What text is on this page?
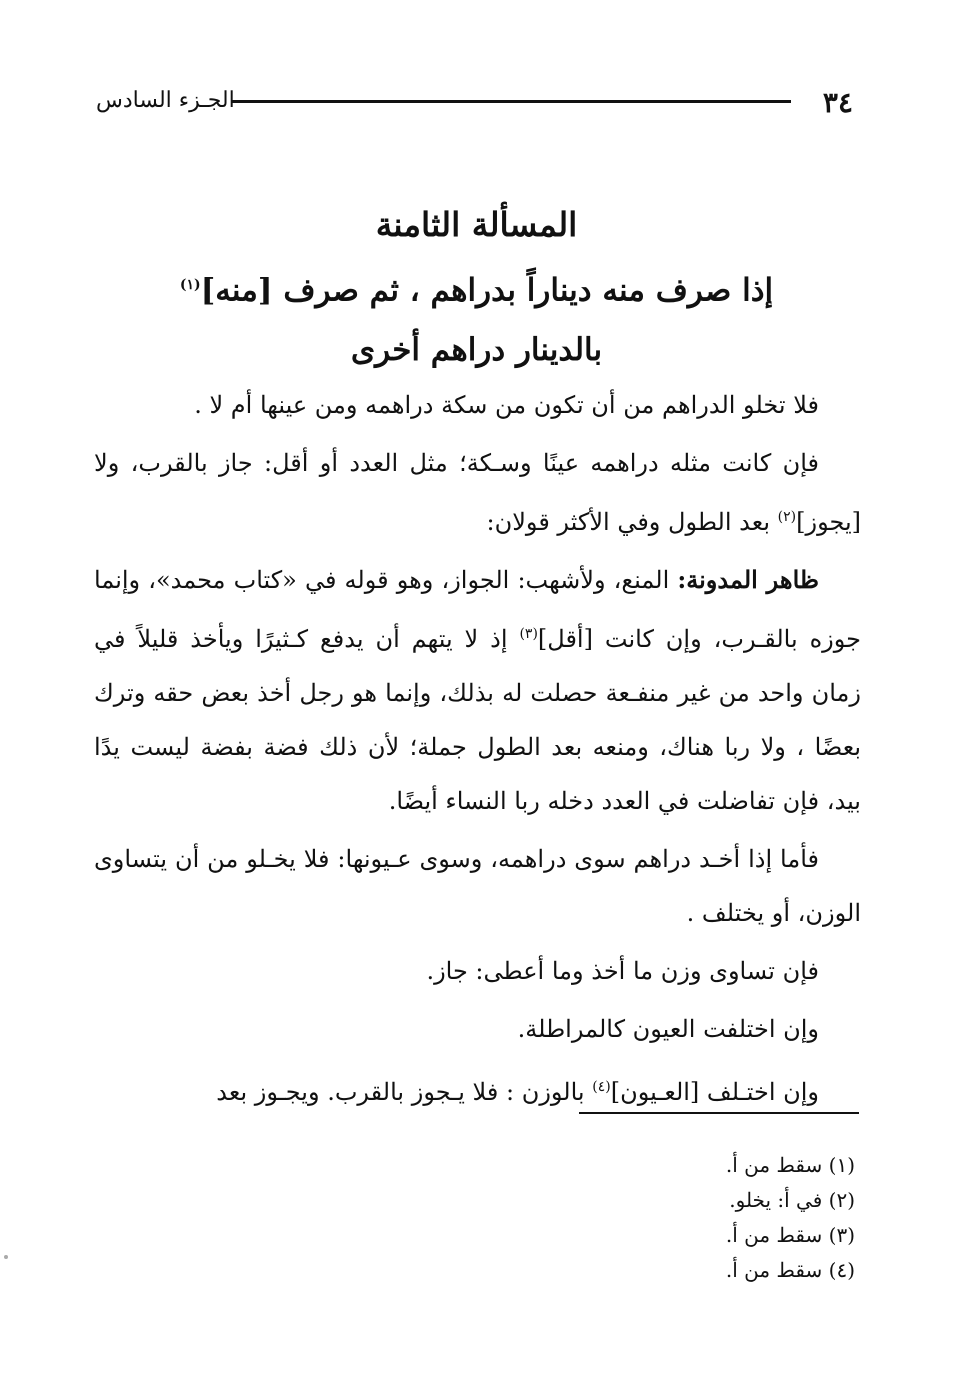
٣٤
الجـزء السادس
المسألة الثامنة
إذا صرف منه ديناراً بدراهم ، ثم صرف [منه]$^{(١)}$
بالدينار دراهم أخرى

فلا تخلو الدراهم من أن تكون من سكة دراهمه ومن عينها أم لا .

فإن كانت مثله دراهمه عينًا وسـكة؛ مثل العدد أو أقل: جاز بالقرب، ولا [يجوز]$^{(٢)}$ بعد الطول وفي الأكثر قولان:

ظاهر المدونة: المنع، ولأشهب: الجواز، وهو قوله في «كتاب محمد»، وإنما جوزه بالقـرب، وإن كانت [أقل]$^{(٣)}$ إذ لا يتهم أن يدفع كـثيرًا ويأخذ قليلاً في زمان واحد من غير منفـعة حصلت له بذلك، وإنما هو رجل أخذ بعض حقه وترك بعضًا ، ولا ربا هناك، ومنعه بعد الطول جملة؛ لأن ذلك فضة بفضة ليست يدًا بيد، فإن تفاضلت في العدد دخله ربا النساء أيضًا.

فأما إذا أخـد دراهم سوى دراهمه، وسوى عـيونها: فلا يخـلو من أن يتساوى الوزن، أو يختلف .

فإن تساوى وزن ما أخذ وما أعطى: جاز.

وإن اختلفت العيون كالمراطلة.

وإن اختـلف [العـيون]$^{(٤)}$ بالوزن : فلا يـجوز بالقرب. ويجـوز بعد

(١) سقط من أ.
(٢) في أ: يخلو.
(٣) سقط من أ.
(٤) سقط من أ.
